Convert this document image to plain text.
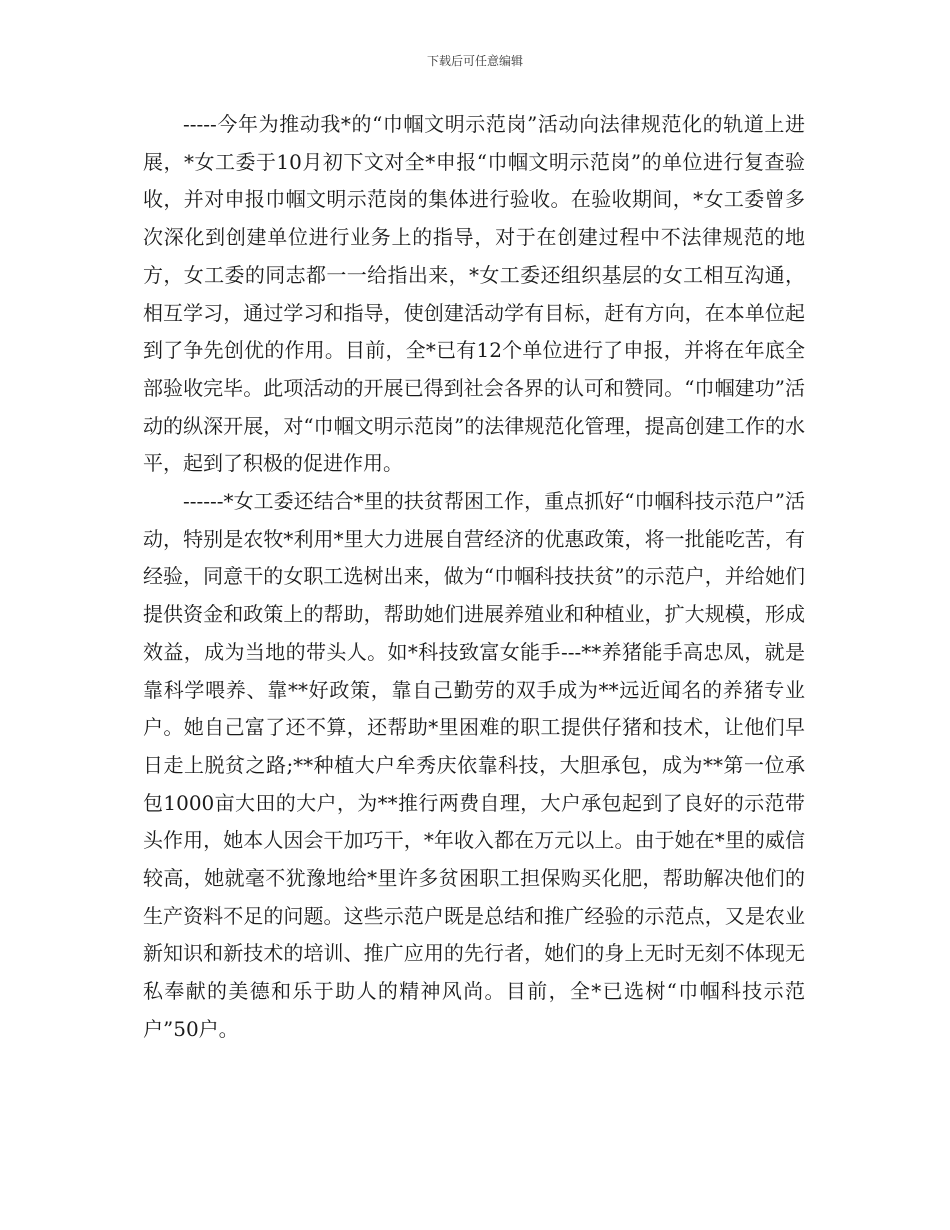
下载后可任意编辑

-----今年为推动我*的“巾帼文明示范岗”活动向法律规范化的轨道上进展，*女工委于10月初下文对全*申报“巾帼文明示范岗”的单位进行复查验收，并对申报巾帼文明示范岗的集体进行验收。在验收期间，*女工委曾多次深化到创建单位进行业务上的指导，对于在创建过程中不法律规范的地方，女工委的同志都一一给指出来，*女工委还组织基层的女工相互沟通，相互学习，通过学习和指导，使创建活动学有目标，赶有方向，在本单位起到了争先创优的作用。目前，全*已有12个单位进行了申报，并将在年底全部验收完毕。此项活动的开展已得到社会各界的认可和赞同。“巾帼建功”活动的纵深开展，对“巾帼文明示范岗”的法律规范化管理，提高创建工作的水平，起到了积极的促进作用。

------*女工委还结合*里的扶贫帮困工作，重点抓好“巾帼科技示范户”活动，特别是农牧*利用*里大力进展自营经济的优惠政策，将一批能吃苦，有经验，同意干的女职工选树出来，做为“巾帼科技扶贫”的示范户，并给她们提供资金和政策上的帮助，帮助她们进展养殖业和种植业，扩大规模，形成效益，成为当地的带头人。如*科技致富女能手---**养猪能手高忠凤，就是靠科学喂养、靠**好政策，靠自己勤劳的双手成为**远近闻名的养猪专业户。她自己富了还不算，还帮助*里困难的职工提供仔猪和技术，让他们早日走上脱贫之路;**种植大户牟秀庆依靠科技，大胆承包，成为**第一位承包1000亩大田的大户，为**推行两费自理，大户承包起到了良好的示范带头作用，她本人因会干加巧干，*年收入都在万元以上。由于她在*里的威信较高，她就毫不犹豫地给*里许多贫困职工担保购买化肥，帮助解决他们的生产资料不足的问题。这些示范户既是总结和推广经验的示范点，又是农业新知识和新技术的培训、推广应用的先行者，她们的身上无时无刻不体现无私奉献的美德和乐于助人的精神风尚。目前，全*已选树“巾帼科技示范户”50户。
